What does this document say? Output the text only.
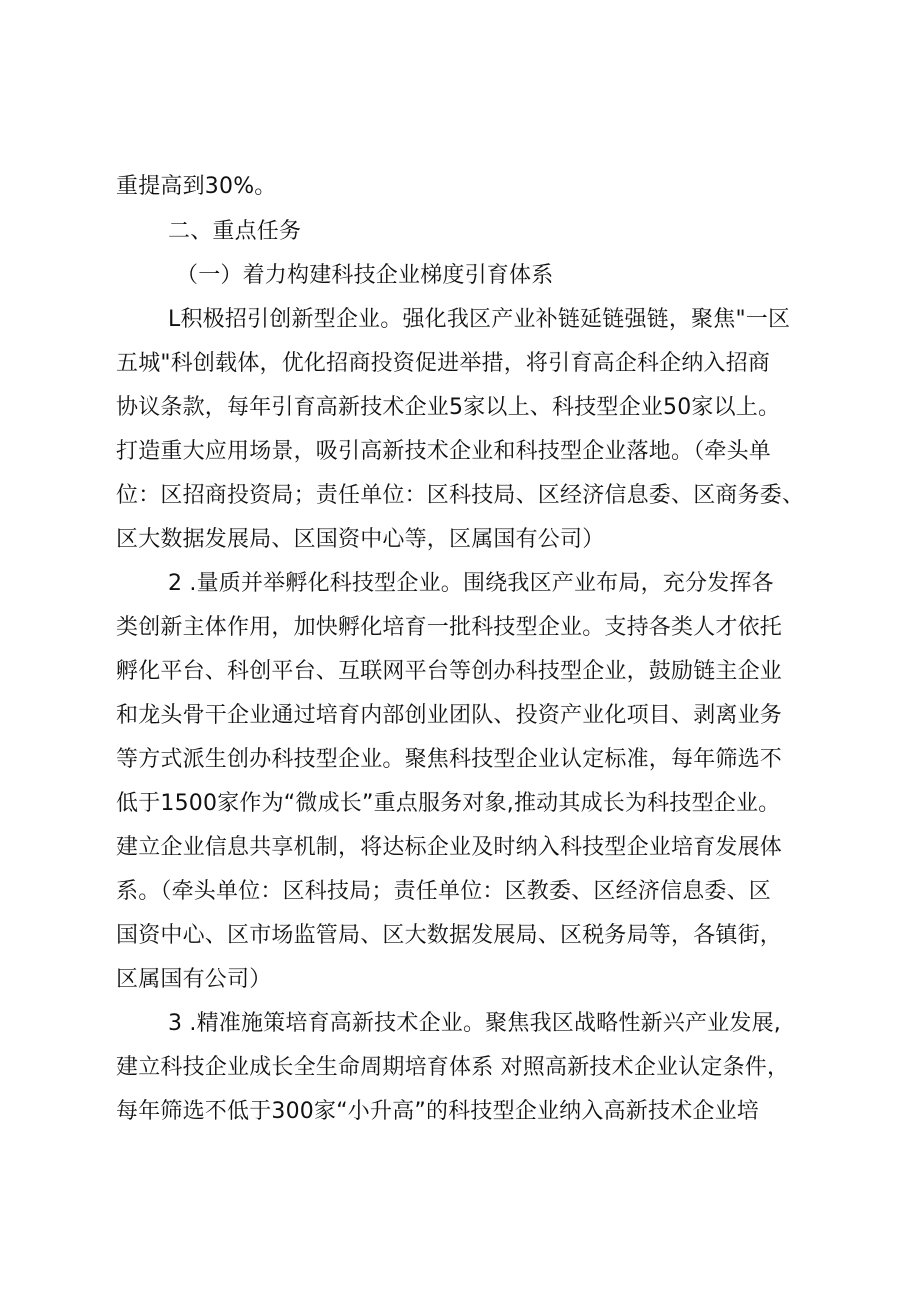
重提高到30%。
二、重点任务
（一）着力构建科技企业梯度引育体系
L积极招引创新型企业。强化我区产业补链延链强链，聚焦"一区
五城"科创载体，优化招商投资促进举措，将引育高企科企纳入招商
协议条款，每年引育高新技术企业5家以上、科技型企业50家以上。
打造重大应用场景，吸引高新技术企业和科技型企业落地。（牵头单
位：区招商投资局；责任单位：区科技局、区经济信息委、区商务委、
区大数据发展局、区国资中心等，区属国有公司）
2 .量质并举孵化科技型企业。围绕我区产业布局，充分发挥各
类创新主体作用，加快孵化培育一批科技型企业。支持各类人才依托
孵化平台、科创平台、互联网平台等创办科技型企业，鼓励链主企业
和龙头骨干企业通过培育内部创业团队、投资产业化项目、剥离业务
等方式派生创办科技型企业。聚焦科技型企业认定标准，每年筛选不
低于1500家作为“微成长”重点服务对象,推动其成长为科技型企业。
建立企业信息共享机制，将达标企业及时纳入科技型企业培育发展体
系。（牵头单位：区科技局；责任单位：区教委、区经济信息委、区
国资中心、区市场监管局、区大数据发展局、区税务局等，各镇街，
区属国有公司）
3 .精准施策培育高新技术企业。聚焦我区战略性新兴产业发展,
建立科技企业成长全生命周期培育体系 对照高新技术企业认定条件，
每年筛选不低于300家“小升高”的科技型企业纳入高新技术企业培
